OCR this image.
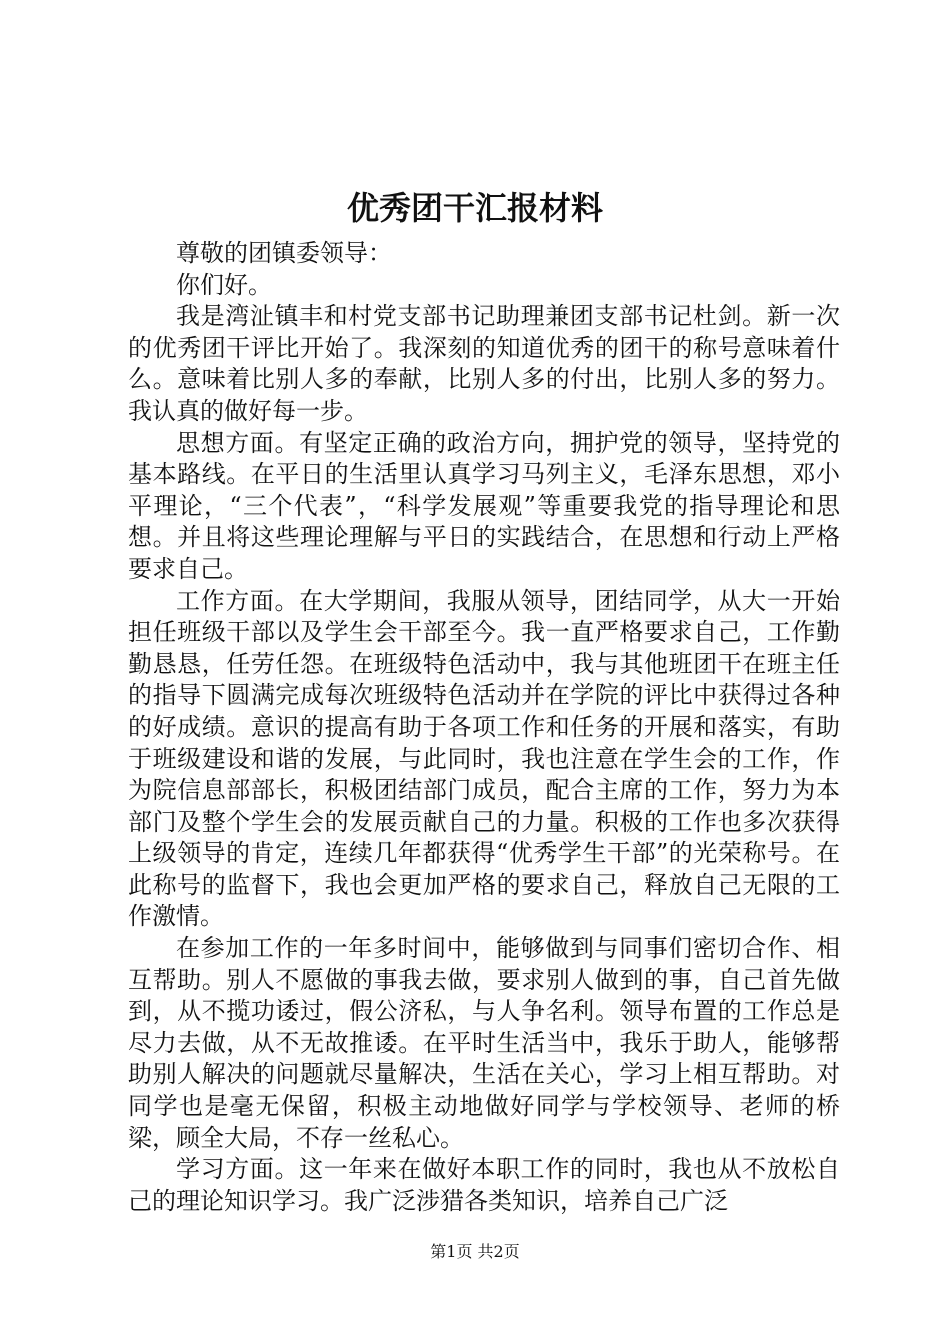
优秀团干汇报材料

尊敬的团镇委领导：

你们好。

我是湾沚镇丰和村党支部书记助理兼团支部书记杜剑。新一次的优秀团干评比开始了。我深刻的知道优秀的团干的称号意味着什么。意味着比别人多的奉献，比别人多的付出，比别人多的努力。我认真的做好每一步。

思想方面。有坚定正确的政治方向，拥护党的领导，坚持党的基本路线。在平日的生活里认真学习马列主义，毛泽东思想，邓小平理论，“三个代表”，“科学发展观”等重要我党的指导理论和思想。并且将这些理论理解与平日的实践结合，在思想和行动上严格要求自己。

工作方面。在大学期间，我服从领导，团结同学，从大一开始担任班级干部以及学生会干部至今。我一直严格要求自己，工作勤勤恳恳，任劳任怨。在班级特色活动中，我与其他班团干在班主任的指导下圆满完成每次班级特色活动并在学院的评比中获得过各种的好成绩。意识的提高有助于各项工作和任务的开展和落实，有助于班级建设和谐的发展，与此同时，我也注意在学生会的工作，作为院信息部部长，积极团结部门成员，配合主席的工作，努力为本部门及整个学生会的发展贡献自己的力量。积极的工作也多次获得上级领导的肯定，连续几年都获得“优秀学生干部”的光荣称号。在此称号的监督下，我也会更加严格的要求自己，释放自己无限的工作激情。

在参加工作的一年多时间中，能够做到与同事们密切合作、相互帮助。别人不愿做的事我去做，要求别人做到的事，自己首先做到，从不揽功诿过，假公济私，与人争名利。领导布置的工作总是尽力去做，从不无故推诿。在平时生活当中，我乐于助人，能够帮助别人解决的问题就尽量解决，生活在关心，学习上相互帮助。对同学也是毫无保留，积极主动地做好同学与学校领导、老师的桥梁，顾全大局，不存一丝私心。

学习方面。这一年来在做好本职工作的同时，我也从不放松自己的理论知识学习。我广泛涉猎各类知识，培养自己广泛

第1页 共2页
